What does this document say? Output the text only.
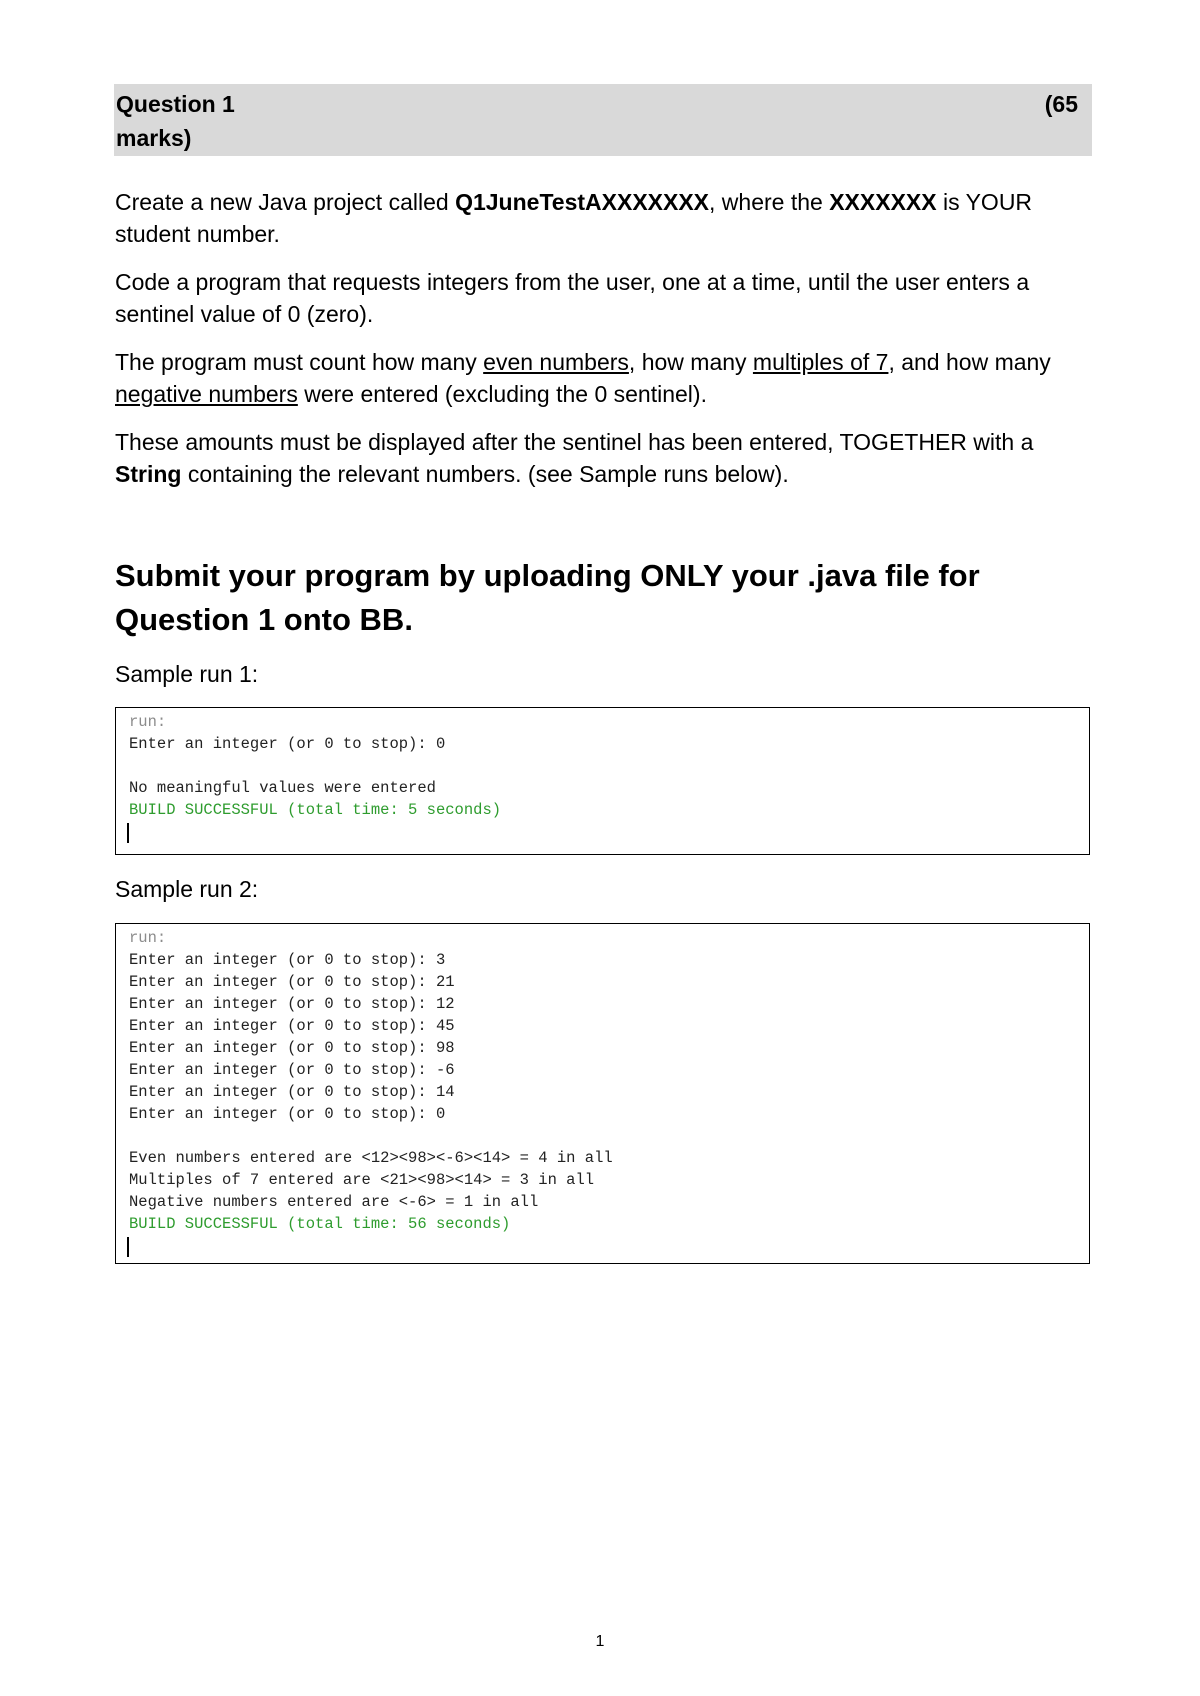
Question 1	(65
marks)
Create a new Java project called Q1JuneTestAXXXXXXX, where the XXXXXXX is YOUR student number.
Code a program that requests integers from the user, one at a time, until the user enters a sentinel value of 0 (zero).
The program must count how many even numbers, how many multiples of 7, and how many negative numbers were entered (excluding the 0 sentinel).
These amounts must be displayed after the sentinel has been entered, TOGETHER with a String containing the relevant numbers. (see Sample runs below).
Submit your program by uploading ONLY your .java file for Question 1 onto BB.
Sample run 1:
run:
Enter an integer (or 0 to stop): 0
No meaningful values were entered
BUILD SUCCESSFUL (total time: 5 seconds)
Sample run 2:
run:
Enter an integer (or 0 to stop): 3
Enter an integer (or 0 to stop): 21
Enter an integer (or 0 to stop): 12
Enter an integer (or 0 to stop): 45
Enter an integer (or 0 to stop): 98
Enter an integer (or 0 to stop): -6
Enter an integer (or 0 to stop): 14
Enter an integer (or 0 to stop): 0
Even numbers entered are <12><98><-6><14> = 4 in all
Multiples of 7 entered are <21><98><14> = 3 in all
Negative numbers entered are <-6> = 1 in all
BUILD SUCCESSFUL (total time: 56 seconds)
1
